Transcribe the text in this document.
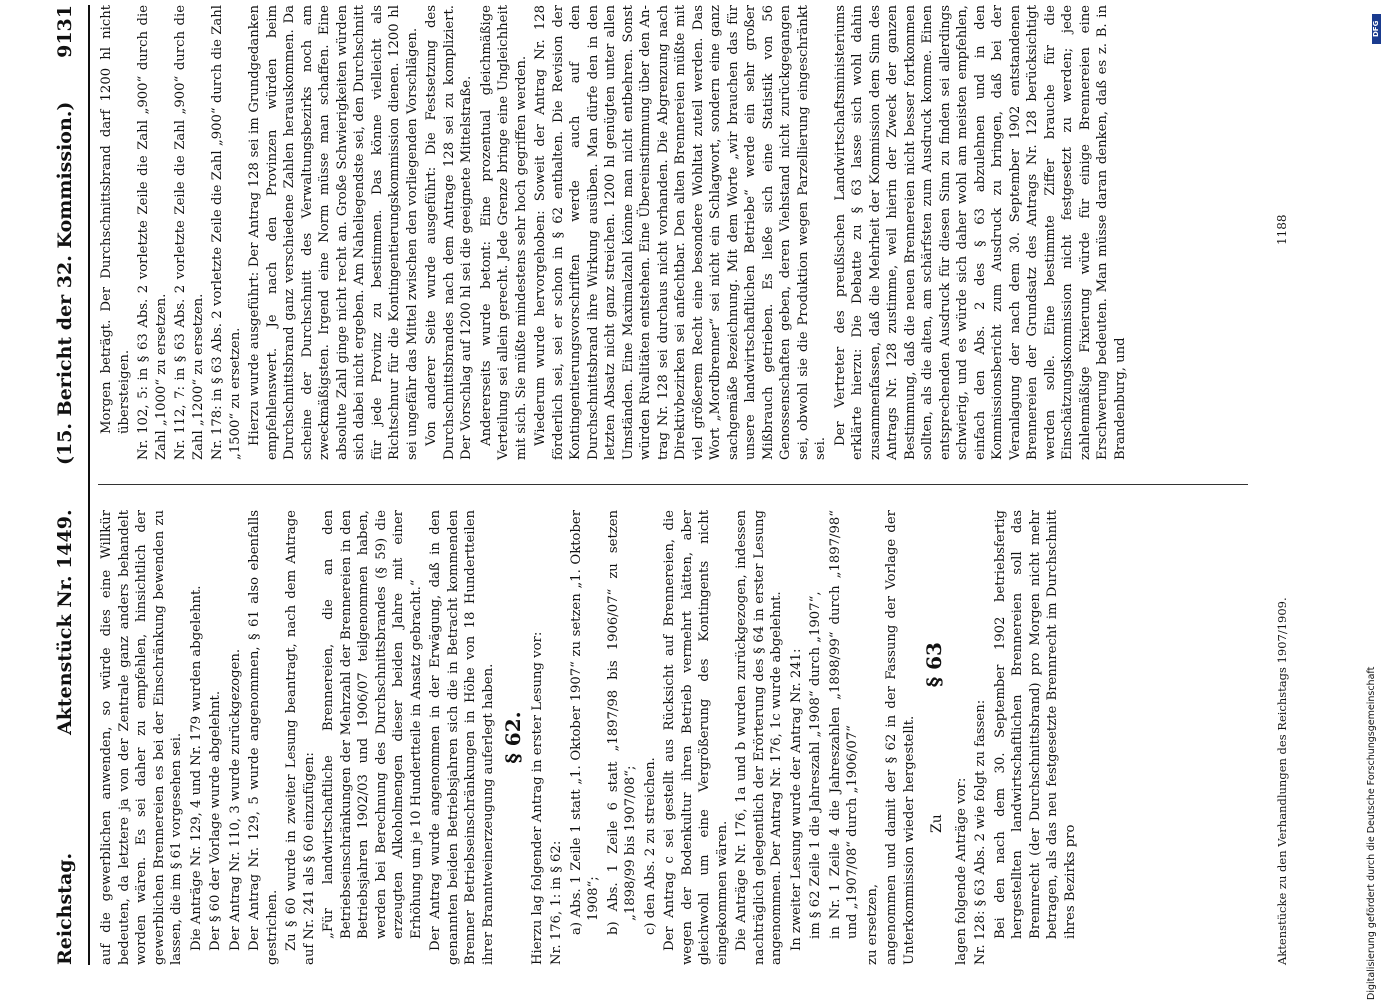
Reichstag.
Aktenstück Nr. 1449.
(15. Bericht der 32. Kommission.)
9131

auf die gewerblichen anwenden, so würde dies eine Willkür bedeuten, da letztere ja von der Zentrale ganz anders behandelt worden wären. Es sei daher zu empfehlen, hinsichtlich der gewerblichen Brennereien es bei der Einschränkung bewenden zu lassen, die im § 61 vorgesehen sei. Die Anträge Nr. 129, 4 und Nr. 179 wurden abgelehnt. Der § 60 der Vorlage wurde abgelehnt. Der Antrag Nr. 110, 3 wurde zurückgezogen. Der Antrag Nr. 129, 5 wurde angenommen, § 61 also ebenfalls gestrichen. Zu § 60 wurde in zweiter Lesung beantragt, nach dem Antrage auf Nr. 241 als § 60 einzufügen: „Für landwirtschaftliche Brennereien, die an den Betriebseinschränkungen der Mehrzahl der Brennereien in den Betriebsjahren 1902/03 und 1906/07 teilgenommen haben, werden bei Berechnung des Durchschnittsbrandes (§ 59) die erzeugten Alkoholmengen dieser beiden Jahre mit einer Erhöhung um je 10 Hundertteile in Ansatz gebracht.“ Der Antrag wurde angenommen in der Erwägung, daß in den genannten beiden Betriebsjahren sich die in Betracht kommenden Brenner Betriebseinschränkungen in Höhe von 18 Hundertteilen ihrer Branntweinerzeugung auferlegt haben. § 62. Hierzu lag folgender Antrag in erster Lesung vor: Nr. 176, 1: in § 62: a) Abs. 1 Zeile 1 statt „1. Oktober 1907“ zu setzen „1. Oktober 1908“; b) Abs. 1 Zeile 6 statt „1897/98 bis 1906/07“ zu setzen „1898/99 bis 1907/08“; c) den Abs. 2 zu streichen. Der Antrag c sei gestellt aus Rücksicht auf Brennereien, die wegen der Bodenkultur ihren Betrieb vermehrt hätten, aber gleichwohl um eine Vergrößerung des Kontingents nicht eingekommen wären. Die Anträge Nr. 176, 1a und b wurden zurückgezogen, indessen nachträglich gelegentlich der Erörterung des § 64 in erster Lesung angenommen. Der Antrag Nr. 176, 1c wurde abgelehnt. In zweiter Lesung wurde der Antrag Nr. 241: im § 62 Zeile 1 die Jahreszahl „1908“ durch „1907“, in Nr. 1 Zeile 4 die Jahreszahlen „1898/99“ durch „1897/98“ und „1907/08“ durch „1906/07“ zu ersetzen, angenommen und damit der § 62 in der Fassung der Vorlage der Unterkommission wieder hergestellt. Zu § 63

lagen folgende Anträge vor: Nr. 128: § 63 Abs. 2 wie folgt zu fassen: Bei den nach dem 30. September 1902 betriebsfertig hergestellten landwirtschaftlichen Brennereien soll das Brennrecht (der Durchschnittsbrand) pro Morgen nicht mehr betragen, als das neu festgesetzte Brennrecht im Durchschnitt ihres Bezirks pro

Morgen beträgt. Der Durchschnittsbrand darf 1200 hl nicht übersteigen. Nr. 102, 5: in § 63 Abs. 2 vorletzte Zeile die Zahl „900“ durch die Zahl „1000“ zu ersetzen. Nr. 112, 7: in § 63 Abs. 2 vorletzte Zeile die Zahl „900“ durch die Zahl „1200“ zu ersetzen. Nr. 178: in § 63 Abs. 2 vorletzte Zeile die Zahl „900“ durch die Zahl „1500“ zu ersetzen. Hierzu wurde ausgeführt: Der Antrag 128 sei im Grundgedanken empfehlenswert. Je nach den Provinzen würden beim Durchschnittsbrand ganz verschiedene Zahlen herauskommen. Da scheine der Durchschnitt des Verwaltungsbezirks noch am zweckmäßigsten. Irgend eine Norm müsse man schaffen. Eine absolute Zahl ginge nicht recht an. Große Schwierigkeiten würden sich dabei nicht ergeben. Am Naheliegendste sei, den Durchschnitt für jede Provinz zu bestimmen. Das könne vielleicht als Richtschnur für die Kontingentierungskommission dienen. 1200 hl sei ungefähr das Mittel zwischen den vorliegenden Vorschlägen. Von anderer Seite wurde ausgeführt: Die Festsetzung des Durchschnittsbrandes nach dem Antrage 128 sei zu kompliziert. Der Vorschlag auf 1200 hl sei die geeignete Mittelstraße. Andererseits wurde betont: Eine prozentual gleichmäßige Verteilung sei allein gerecht. Jede Grenze bringe eine Ungleichheit mit sich. Sie müßte mindestens sehr hoch gegriffen werden. Wiederum wurde hervorgehoben: Soweit der Antrag Nr. 128 förderlich sei, sei er schon in § 62 enthalten. Die Revision der Kontingentierungsvorschriften werde auch auf den Durchschnittsbrand ihre Wirkung ausüben. Man dürfe den in den letzten Absatz nicht ganz streichen. 1200 hl genügten unter allen Umständen. Eine Maximalzahl könne man nicht entbehren. Sonst würden Rivalitäten entstehen. Eine Übereinstimmung über den Antrag Nr. 128 sei durchaus nicht vorhanden. Die Abgrenzung nach Direktivbezirken sei anfechtbar. Den alten Brennereien müßte mit viel größerem Recht eine besondere Wohltat zuteil werden. Das Wort „Mordbrenner“ sei nicht ein Schlagwort, sondern eine ganz sachgemäße Bezeichnung. Mit dem Worte „wir brauchen das für unsere landwirtschaftlichen Betriebe“ werde ein sehr großer Mißbrauch getrieben. Es ließe sich eine Statistik von 56 Genossenschaften geben, deren Viehstand nicht zurückgegangen sei, obwohl sie die Produktion wegen Parzellierung eingeschränkt sei.

Der Vertreter des preußischen Landwirtschaftsministeriums erklärte hierzu: Die Debatte zu § 63 lasse sich wohl dahin zusammenfassen, daß die Mehrheit der Kommission dem Sinn des Antrags Nr. 128 zustimme, weil hierin der Zweck der ganzen Bestimmung, daß die neuen Brennereien nicht besser fortkommen sollten, als die alten, am schärfsten zum Ausdruck komme. Einen entsprechenden Ausdruck für diesen Sinn zu finden sei allerdings schwierig, und es würde sich daher wohl am meisten empfehlen, einfach den Abs. 2 des § 63 abzulehnen und in den Kommissionsbericht zum Ausdruck zu bringen, daß bei der Veranlagung der nach dem 30. September 1902 entstandenen Brennereien der Grundsatz des Antrags Nr. 128 berücksichtigt werden solle. Eine bestimmte Ziffer brauche für die Einschätzungskommission nicht festgesetzt zu werden; jede zahlenmäßige Fixierung würde für einige Brennereien eine Erschwerung bedeuten. Man müsse daran denken, daß es z. B. in Brandenburg, und

Aktenstücke zu den Verhandlungen des Reichstags 1907/1909.
1188
Digitalisierung gefördert durch die Deutsche Forschungsgemeinschaft
DFG
